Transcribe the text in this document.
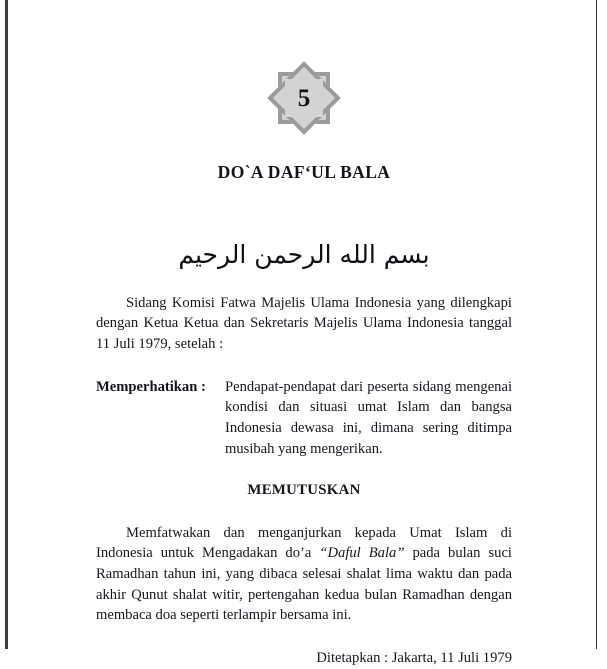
5
DO`A DAF‘UL BALA
بسم الله الرحمن الرحيم
Sidang Komisi Fatwa Majelis Ulama Indonesia yang dilengkapi dengan Ketua Ketua dan Sekretaris Majelis Ulama Indonesia tanggal 11 Juli 1979, setelah :
Memperhatikan :	Pendapat-pendapat dari peserta sidang mengenai kondisi dan situasi umat Islam dan bangsa Indonesia dewasa ini, dimana sering ditimpa musibah yang mengerikan.
MEMUTUSKAN
Memfatwakan dan menganjurkan kepada Umat Islam di Indonesia untuk Mengadakan do’a “Daful Bala” pada bulan suci Ramadhan tahun ini, yang dibaca selesai shalat lima waktu dan pada akhir Qunut shalat witir, pertengahan kedua bulan Ramadhan dengan membaca doa seperti terlampir bersama ini.
Ditetapkan : Jakarta, 11 Juli 1979
